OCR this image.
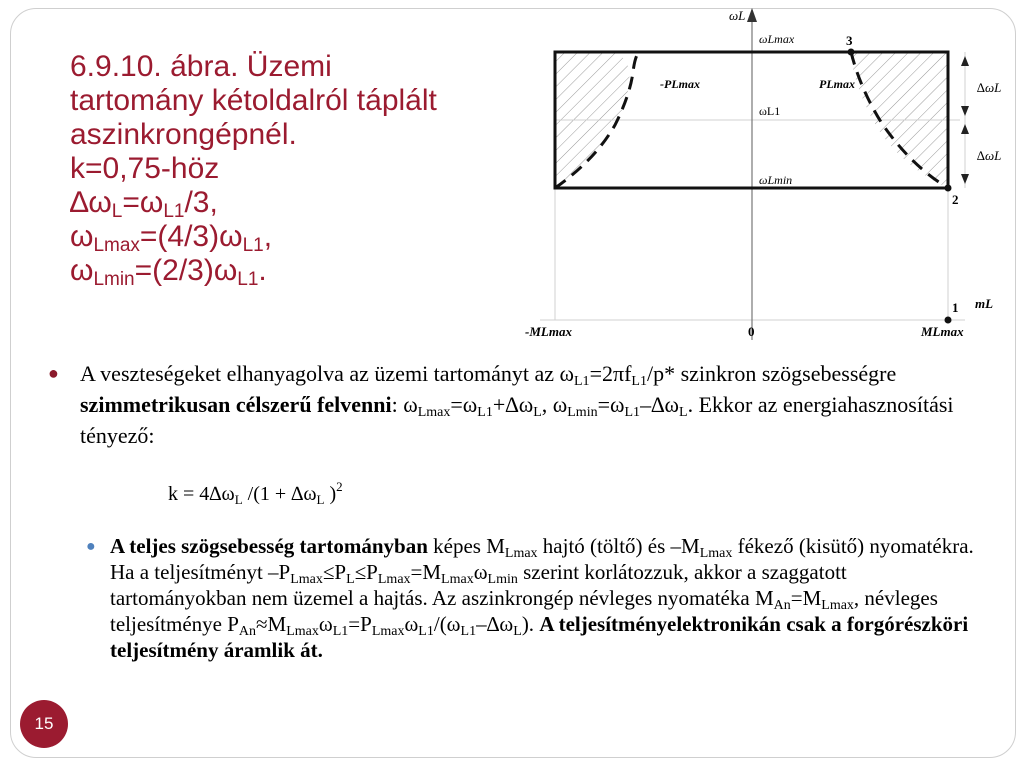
6.9.10. ábra. Üzemi
tartomány kétoldalról táplált
aszinkrongépnél.
k=0,75-höz
$\Delta\omega_L=\omega_{L1}/3$,
$\omega_{Lmax}=(4/3)\omega_{L1}$,
$\omega_{Lmin}=(2/3)\omega_{L1}$.
ωL
ωLmax	3
-PLmax	PLmax
ωL1
ωLmin
∆ωL
∆ωL
2
1 mL
-MLmax	0	MLmax
● A veszteségeket elhanyagolva az üzemi tartományt az $\omega_{L1}=2\pi f_{L1}/p*$ szinkron szögsebességre szimmetrikusan célszerű felvenni: $\omega_{Lmax}=\omega_{L1}+\Delta\omega_L$, $\omega_{Lmin}=\omega_{L1}-\Delta\omega_L$. Ekkor az energiahasznosítási tényező:
$k = 4\Delta\omega_L$ $/(1 + \Delta\omega_L$ )$^2$
● A teljes szögsebesség tartományban képes $M_{Lmax}$ hajtó (töltő) és $-M_{Lmax}$ fékező (kisütő) nyomatékra. Ha a teljesítményt $-P_{Lmax}\le P_L\le P_{Lmax}=M_{Lmax}\omega_{Lmin}$ szerint korlátozzuk, akkor a szaggatott tartományokban nem üzemel a hajtás. Az aszinkrongép névleges nyomatéka $M_{An}=M_{Lmax}$, névleges teljesítménye $P_{An}\approx M_{Lmax}\omega_{L1}=P_{Lmax}\omega_{L1}/(\omega_{L1}-\Delta\omega_L)$. A teljesítményelektronikán csak a forgórészköri teljesítmény áramlik át.
15
